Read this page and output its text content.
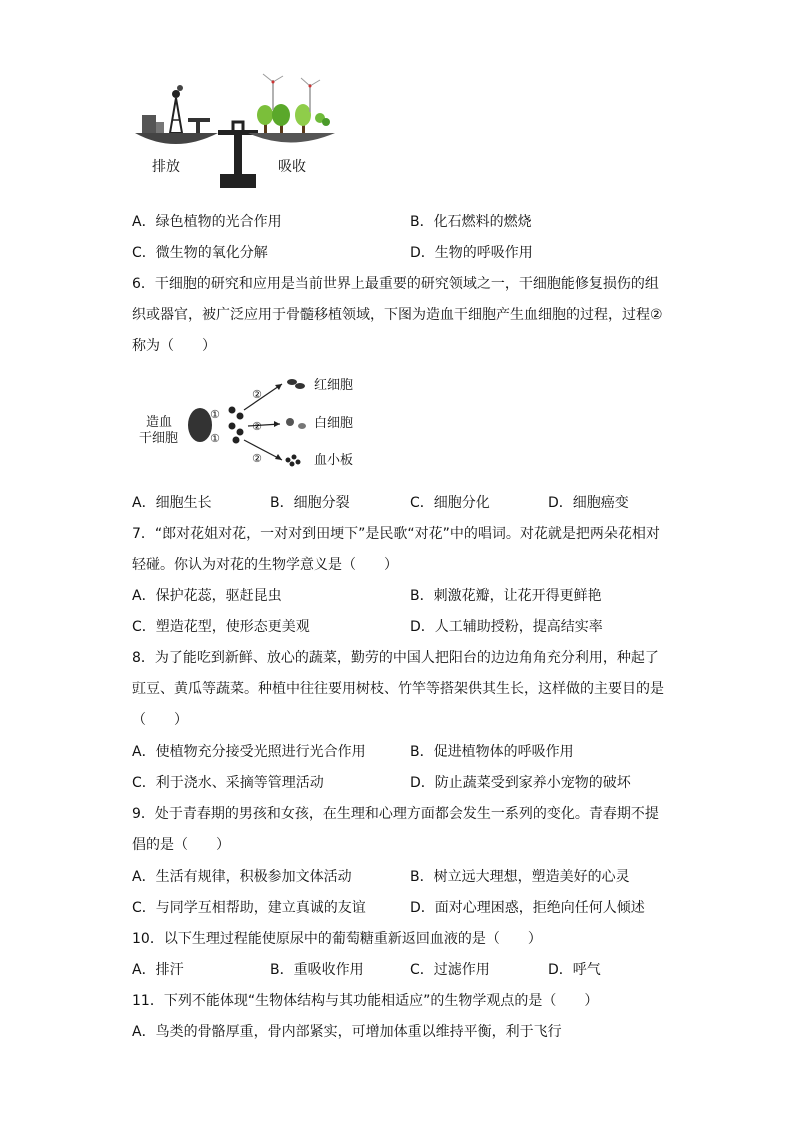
排放	吸收
A．绿色植物的光合作用	B．化石燃料的燃烧
C．微生物的氧化分解	D．生物的呼吸作用
6．干细胞的研究和应用是当前世界上最重要的研究领域之一，干细胞能修复损伤的组
织或器官，被广泛应用于骨髓移植领域，下图为造血干细胞产生血细胞的过程，过程②
称为（　　）
造血
干细胞
①
①
②
②
②
红细胞
白细胞
血小板
A．细胞生长	B．细胞分裂	C．细胞分化	D．细胞癌变
7．“郎对花姐对花，一对对到田埂下”是民歌“对花”中的唱词。对花就是把两朵花相对
轻碰。你认为对花的生物学意义是（　　）
A．保护花蕊，驱赶昆虫	B．刺激花瓣，让花开得更鲜艳
C．塑造花型，使形态更美观	D．人工辅助授粉，提高结实率
8．为了能吃到新鲜、放心的蔬菜，勤劳的中国人把阳台的边边角角充分利用，种起了
豇豆、黄瓜等蔬菜。种植中往往要用树枝、竹竿等搭架供其生长，这样做的主要目的是
（　　）
A．使植物充分接受光照进行光合作用	B．促进植物体的呼吸作用
C．利于浇水、采摘等管理活动	D．防止蔬菜受到家养小宠物的破坏
9．处于青春期的男孩和女孩，在生理和心理方面都会发生一系列的变化。青春期不提
倡的是（　　）
A．生活有规律，积极参加文体活动	B．树立远大理想，塑造美好的心灵
C．与同学互相帮助，建立真诚的友谊	D．面对心理困惑，拒绝向任何人倾述
10．以下生理过程能使原尿中的葡萄糖重新返回血液的是（　　）
A．排汗	B．重吸收作用	C．过滤作用	D．呼气
11．下列不能体现“生物体结构与其功能相适应”的生物学观点的是（　　）
A．鸟类的骨骼厚重，骨内部紧实，可增加体重以维持平衡，利于飞行
